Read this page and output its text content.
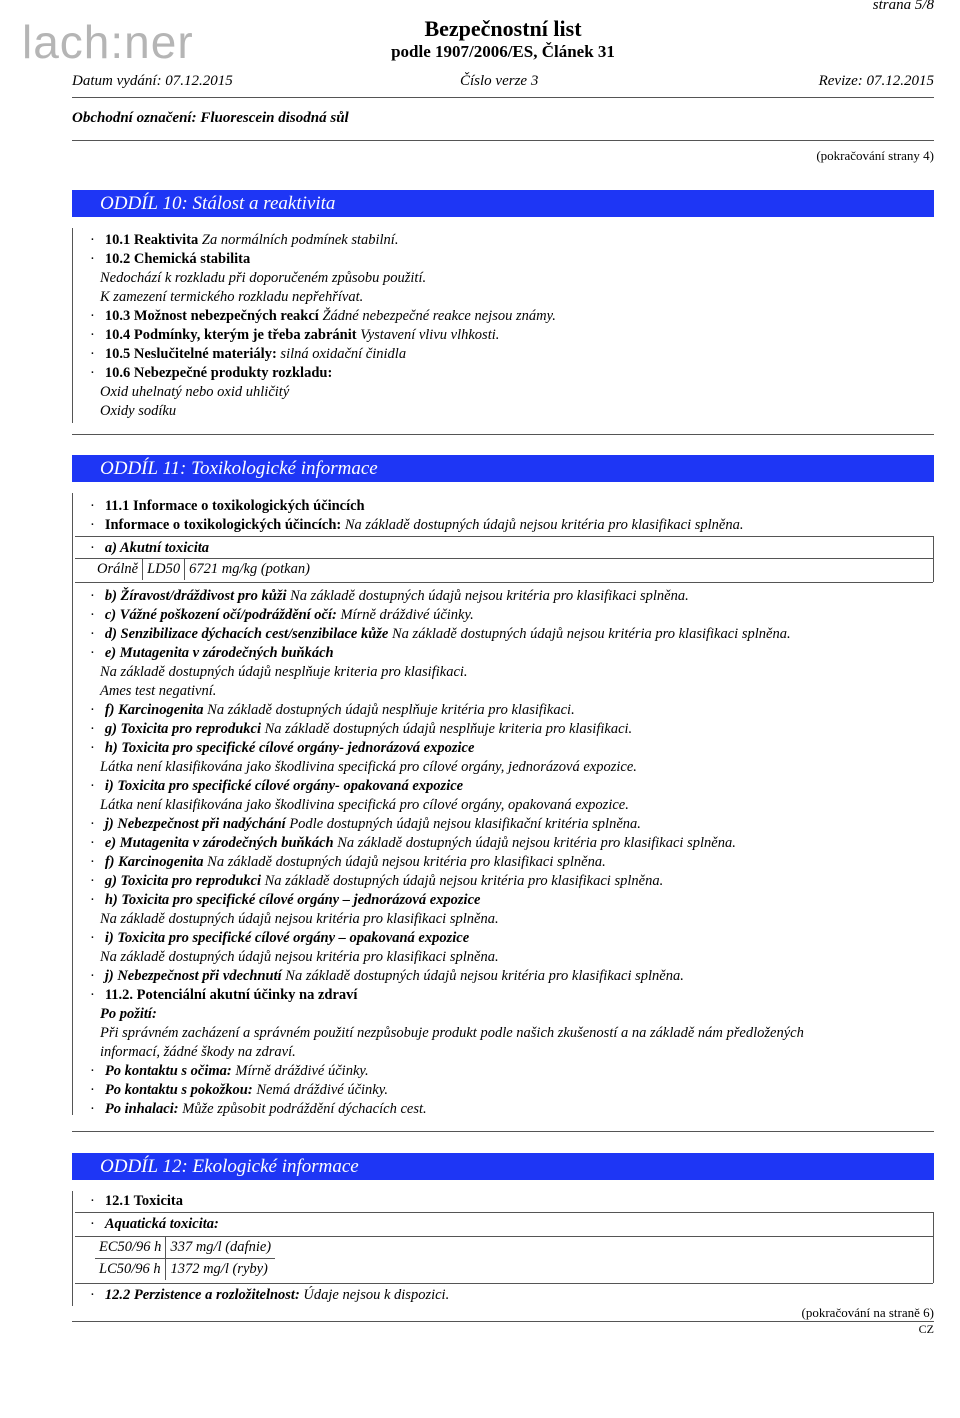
lach:ner	Bezpečnostní list
podle 1907/2006/ES, Článek 31
strana 5/8
Datum vydání: 07.12.2015	Číslo verze 3	Revize: 07.12.2015
Obchodní označení: Fluorescein disodná sůl
(pokračování strany 4)
ODDÍL 10: Stálost a reaktivita
· 10.1 Reaktivita Za normálních podmínek stabilní.
· 10.2 Chemická stabilita
Nedochází k rozkladu při doporučeném způsobu použití.
K zamezení termického rozkladu nepřehřívat.
· 10.3 Možnost nebezpečných reakcí Žádné nebezpečné reakce nejsou známy.
· 10.4 Podmínky, kterým je třeba zabránit Vystavení vlivu vlhkosti.
· 10.5 Neslučitelné materiály: silná oxidační činidla
· 10.6 Nebezpečné produkty rozkladu:
Oxid uhelnatý nebo oxid uhličitý
Oxidy sodíku
ODDÍL 11: Toxikologické informace
· 11.1 Informace o toxikologických účincích
· Informace o toxikologických účincích: Na základě dostupných údajů nejsou kritéria pro klasifikaci splněna.
· a) Akutní toxicita
Orálně	LD50	6721 mg/kg (potkan)
· b) Žíravost/dráždivost pro kůži Na základě dostupných údajů nejsou kritéria pro klasifikaci splněna.
· c) Vážné poškození očí/podráždění očí: Mírně dráždivé účinky.
· d) Senzibilizace dýchacích cest/senzibilace kůže Na základě dostupných údajů nejsou kritéria pro klasifikaci splněna.
· e) Mutagenita v zárodečných buňkách
Na základě dostupných údajů nesplňuje kriteria pro klasifikaci.
Ames test negativní.
· f) Karcinogenita Na základě dostupných údajů nesplňuje kritéria pro klasifikaci.
· g) Toxicita pro reprodukci Na základě dostupných údajů nesplňuje kriteria pro klasifikaci.
· h) Toxicita pro specifické cílové orgány- jednorázová expozice
Látka není klasifikována jako škodlivina specifická pro cílové orgány, jednorázová expozice.
· i) Toxicita pro specifické cílové orgány- opakovaná expozice
Látka není klasifikována jako škodlivina specifická pro cílové orgány, opakovaná expozice.
· j) Nebezpečnost při nadýchání Podle dostupných údajů nejsou klasifikační kritéria splněna.
· e) Mutagenita v zárodečných buňkách Na základě dostupných údajů nejsou kritéria pro klasifikaci splněna.
· f) Karcinogenita Na základě dostupných údajů nejsou kritéria pro klasifikaci splněna.
· g) Toxicita pro reprodukci Na základě dostupných údajů nejsou kritéria pro klasifikaci splněna.
· h) Toxicita pro specifické cílové orgány – jednorázová expozice
Na základě dostupných údajů nejsou kritéria pro klasifikaci splněna.
· i) Toxicita pro specifické cílové orgány – opakovaná expozice
Na základě dostupných údajů nejsou kritéria pro klasifikaci splněna.
· j) Nebezpečnost při vdechnutí Na základě dostupných údajů nejsou kritéria pro klasifikaci splněna.
· 11.2. Potenciální akutní účinky na zdraví
Po požití:
Při správném zacházení a správném použití nezpůsobuje produkt podle našich zkušeností a na základě nám předložených
informací, žádné škody na zdraví.
· Po kontaktu s očima: Mírně dráždivé účinky.
· Po kontaktu s pokožkou: Nemá dráždivé účinky.
· Po inhalaci: Může způsobit podráždění dýchacích cest.
ODDÍL 12: Ekologické informace
· 12.1 Toxicita
· Aquatická toxicita:
EC50/96 h	337 mg/l (dafnie)
LC50/96 h	1372 mg/l (ryby)
· 12.2 Perzistence a rozložitelnost: Údaje nejsou k dispozici.
(pokračování na straně 6)
CZ
